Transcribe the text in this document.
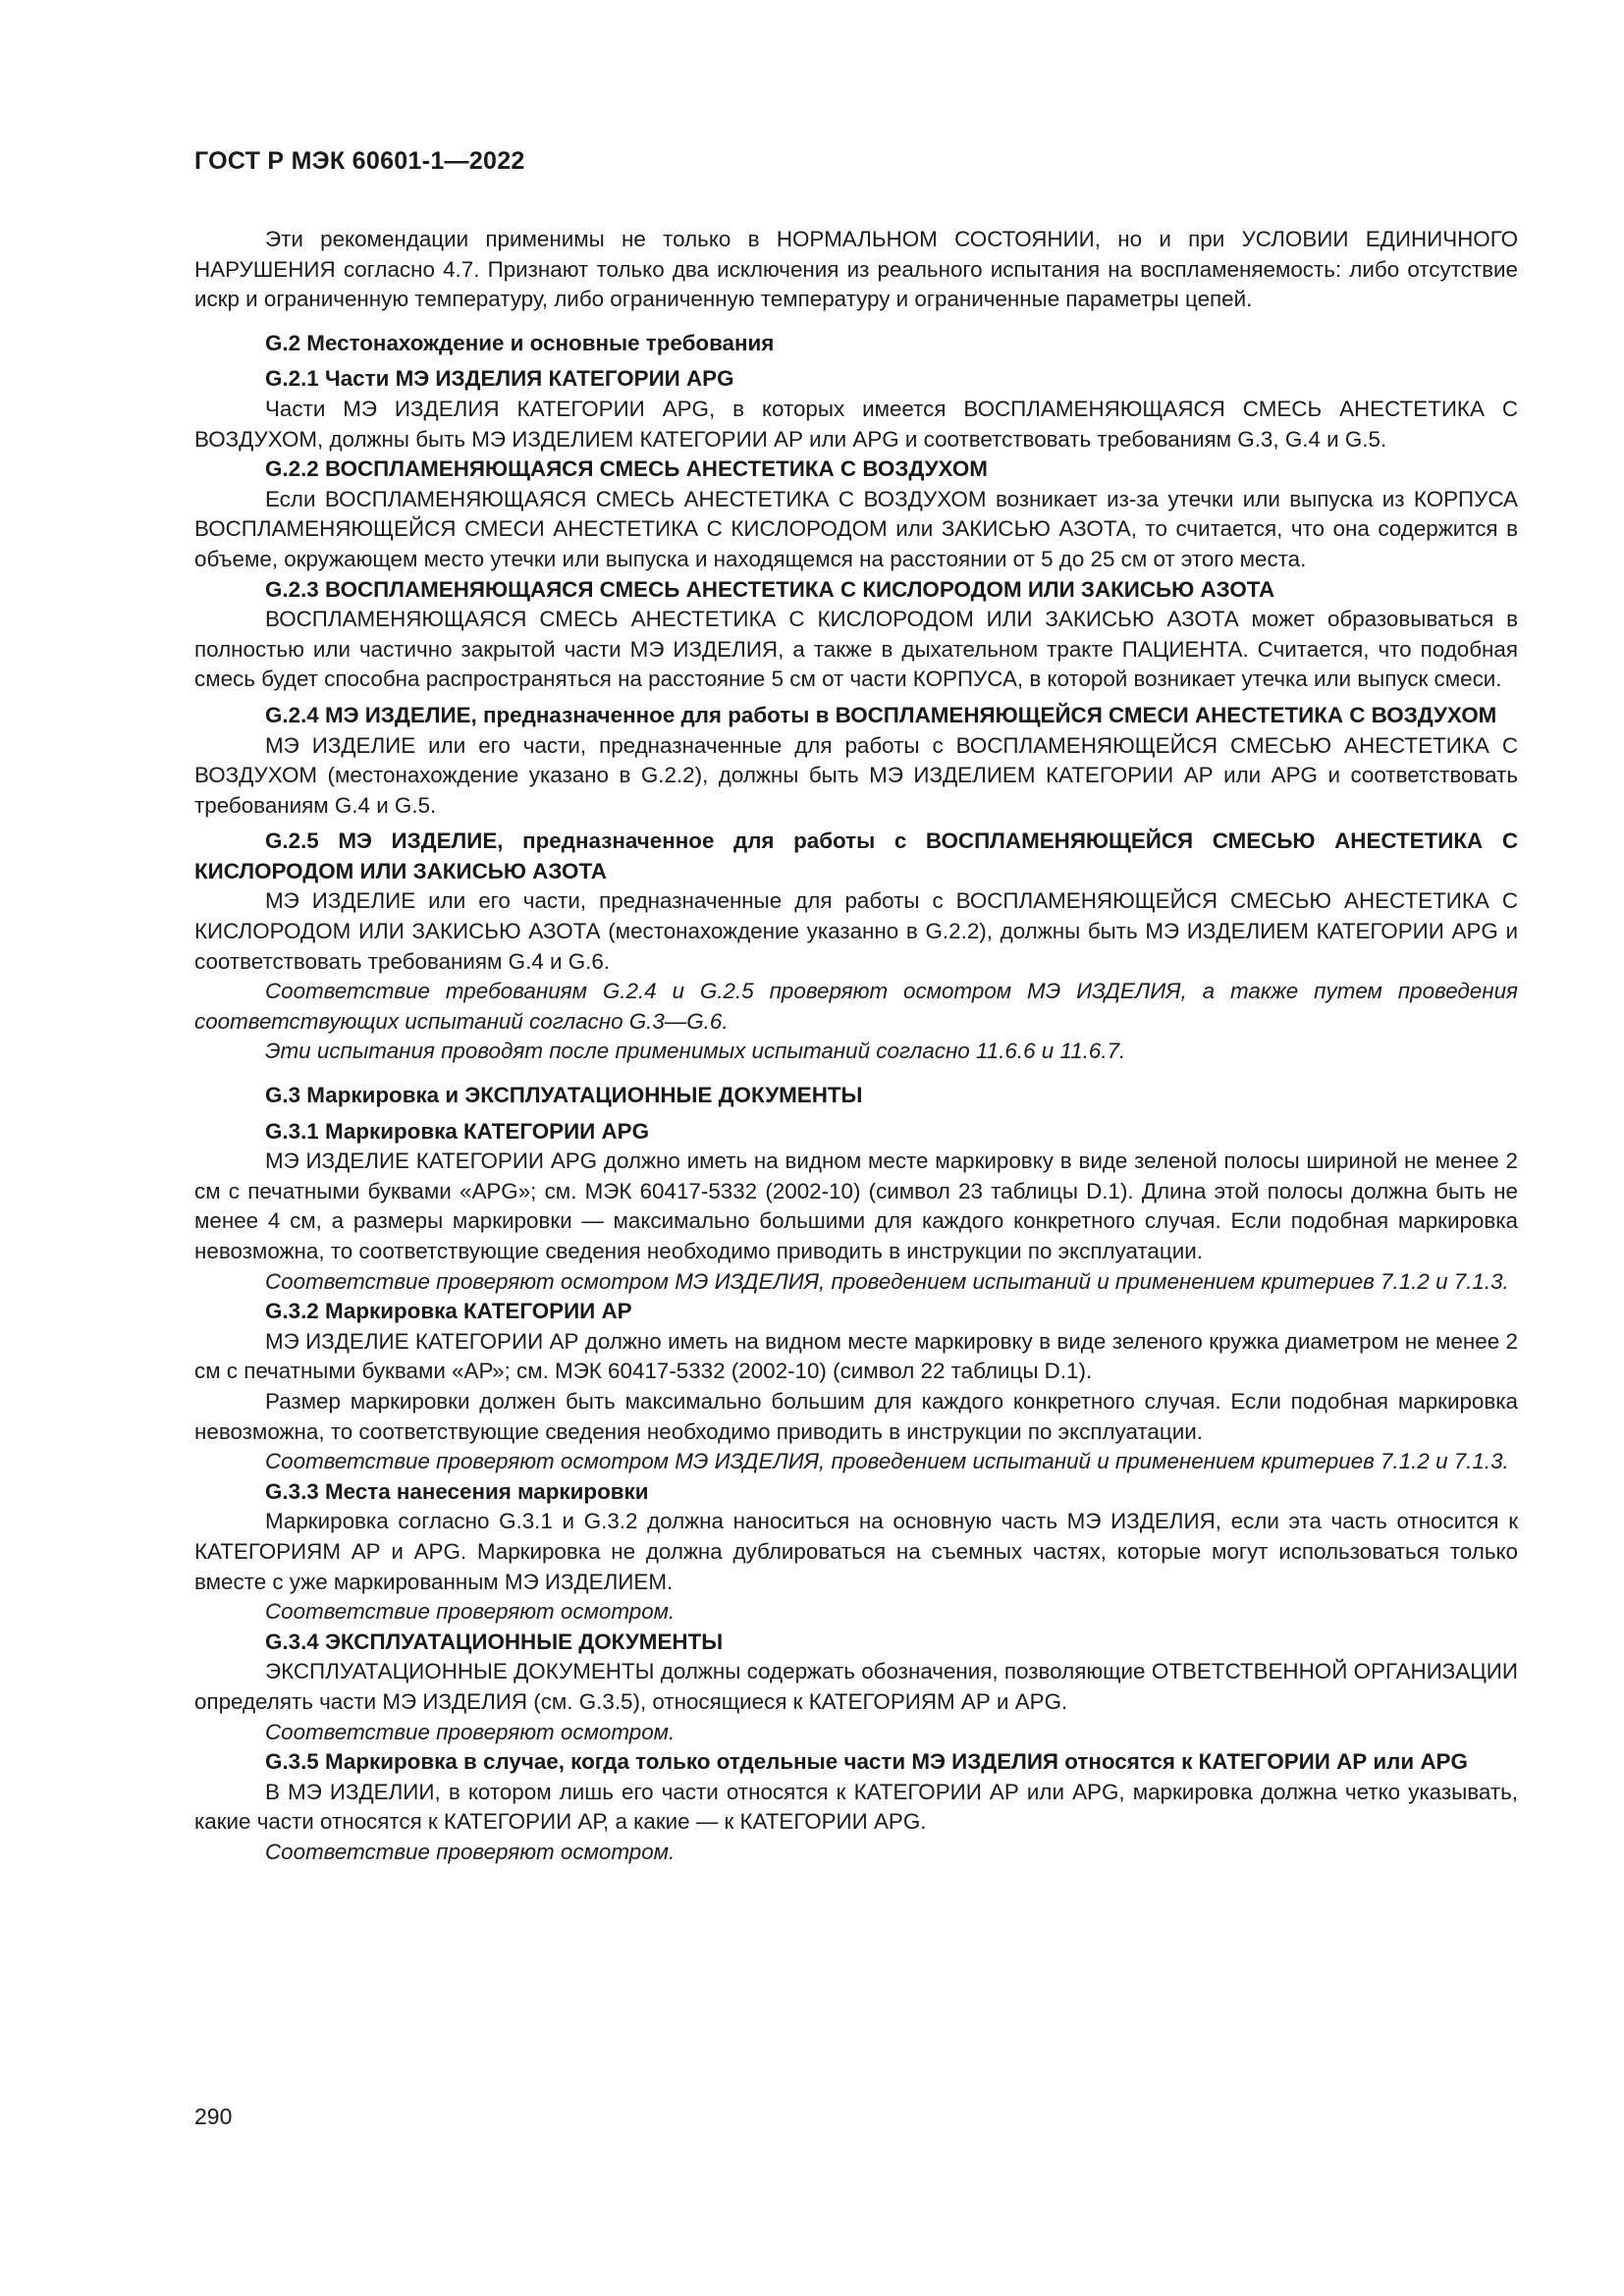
ГОСТ Р МЭК 60601-1—2022

Эти рекомендации применимы не только в НОРМАЛЬНОМ СОСТОЯНИИ, но и при УСЛОВИИ ЕДИНИЧНОГО НАРУШЕНИЯ согласно 4.7. Признают только два исключения из реального испытания на воспламеняемость: либо отсутствие искр и ограниченную температуру, либо ограниченную температуру и ограниченные параметры цепей.

G.2 Местонахождение и основные требования

G.2.1 Части МЭ ИЗДЕЛИЯ КАТЕГОРИИ APG

Части МЭ ИЗДЕЛИЯ КАТЕГОРИИ APG, в которых имеется ВОСПЛАМЕНЯЮЩАЯСЯ СМЕСЬ АНЕСТЕТИКА С ВОЗДУХОМ, должны быть МЭ ИЗДЕЛИЕМ КАТЕГОРИИ АР или APG и соответствовать требованиям G.3, G.4 и G.5.

G.2.2 ВОСПЛАМЕНЯЮЩАЯСЯ СМЕСЬ АНЕСТЕТИКА С ВОЗДУХОМ

Если ВОСПЛАМЕНЯЮЩАЯСЯ СМЕСЬ АНЕСТЕТИКА С ВОЗДУХОМ возникает из-за утечки или выпуска из КОРПУСА ВОСПЛАМЕНЯЮЩЕЙСЯ СМЕСИ АНЕСТЕТИКА С КИСЛОРОДОМ или ЗАКИСЬЮ АЗОТА, то считается, что она содержится в объеме, окружающем место утечки или выпуска и находящемся на расстоянии от 5 до 25 см от этого места.

G.2.3 ВОСПЛАМЕНЯЮЩАЯСЯ СМЕСЬ АНЕСТЕТИКА С КИСЛОРОДОМ ИЛИ ЗАКИСЬЮ АЗОТА

ВОСПЛАМЕНЯЮЩАЯСЯ СМЕСЬ АНЕСТЕТИКА С КИСЛОРОДОМ ИЛИ ЗАКИСЬЮ АЗОТА может образовываться в полностью или частично закрытой части МЭ ИЗДЕЛИЯ, а также в дыхательном тракте ПАЦИЕНТА. Считается, что подобная смесь будет способна распространяться на расстояние 5 см от части КОРПУСА, в которой возникает утечка или выпуск смеси.

G.2.4 МЭ ИЗДЕЛИЕ, предназначенное для работы в ВОСПЛАМЕНЯЮЩЕЙСЯ СМЕСИ АНЕСТЕТИКА С ВОЗДУХОМ

МЭ ИЗДЕЛИЕ или его части, предназначенные для работы с ВОСПЛАМЕНЯЮЩЕЙСЯ СМЕСЬЮ АНЕСТЕТИКА С ВОЗДУХОМ (местонахождение указано в G.2.2), должны быть МЭ ИЗДЕЛИЕМ КАТЕГОРИИ АР или APG и соответствовать требованиям G.4 и G.5.

G.2.5 МЭ ИЗДЕЛИЕ, предназначенное для работы с ВОСПЛАМЕНЯЮЩЕЙСЯ СМЕСЬЮ АНЕСТЕТИКА С КИСЛОРОДОМ ИЛИ ЗАКИСЬЮ АЗОТА

МЭ ИЗДЕЛИЕ или его части, предназначенные для работы с ВОСПЛАМЕНЯЮЩЕЙСЯ СМЕСЬЮ АНЕСТЕТИКА С КИСЛОРОДОМ ИЛИ ЗАКИСЬЮ АЗОТА (местонахождение указанно в G.2.2), должны быть МЭ ИЗДЕЛИЕМ КАТЕГОРИИ APG и соответствовать требованиям G.4 и G.6.

Соответствие требованиям G.2.4 и G.2.5 проверяют осмотром МЭ ИЗДЕЛИЯ, а также путем проведения соответствующих испытаний согласно G.3—G.6.

Эти испытания проводят после применимых испытаний согласно 11.6.6 и 11.6.7.

G.3 Маркировка и ЭКСПЛУАТАЦИОННЫЕ ДОКУМЕНТЫ

G.3.1 Маркировка КАТЕГОРИИ APG

МЭ ИЗДЕЛИЕ КАТЕГОРИИ APG должно иметь на видном месте маркировку в виде зеленой полосы шириной не менее 2 см с печатными буквами «APG»; см. МЭК 60417-5332 (2002-10) (символ 23 таблицы D.1). Длина этой полосы должна быть не менее 4 см, а размеры маркировки — максимально большими для каждого конкретного случая. Если подобная маркировка невозможна, то соответствующие сведения необходимо приводить в инструкции по эксплуатации.

Соответствие проверяют осмотром МЭ ИЗДЕЛИЯ, проведением испытаний и применением критериев 7.1.2 и 7.1.3.

G.3.2 Маркировка КАТЕГОРИИ АР

МЭ ИЗДЕЛИЕ КАТЕГОРИИ АР должно иметь на видном месте маркировку в виде зеленого кружка диаметром не менее 2 см с печатными буквами «АР»; см. МЭК 60417-5332 (2002-10) (символ 22 таблицы D.1).

Размер маркировки должен быть максимально большим для каждого конкретного случая. Если подобная маркировка невозможна, то соответствующие сведения необходимо приводить в инструкции по эксплуатации.

Соответствие проверяют осмотром МЭ ИЗДЕЛИЯ, проведением испытаний и применением критериев 7.1.2 и 7.1.3.

G.3.3 Места нанесения маркировки

Маркировка согласно G.3.1 и G.3.2 должна наноситься на основную часть МЭ ИЗДЕЛИЯ, если эта часть относится к КАТЕГОРИЯМ АР и APG. Маркировка не должна дублироваться на съемных частях, которые могут использоваться только вместе с уже маркированным МЭ ИЗДЕЛИЕМ.

Соответствие проверяют осмотром.

G.3.4 ЭКСПЛУАТАЦИОННЫЕ ДОКУМЕНТЫ

ЭКСПЛУАТАЦИОННЫЕ ДОКУМЕНТЫ должны содержать обозначения, позволяющие ОТВЕТСТВЕННОЙ ОРГАНИЗАЦИИ определять части МЭ ИЗДЕЛИЯ (см. G.3.5), относящиеся к КАТЕГОРИЯМ АР и APG.

Соответствие проверяют осмотром.

G.3.5 Маркировка в случае, когда только отдельные части МЭ ИЗДЕЛИЯ относятся к КАТЕГОРИИ АР или APG

В МЭ ИЗДЕЛИИ, в котором лишь его части относятся к КАТЕГОРИИ АР или APG, маркировка должна четко указывать, какие части относятся к КАТЕГОРИИ АР, а какие — к КАТЕГОРИИ APG.

Соответствие проверяют осмотром.

290
